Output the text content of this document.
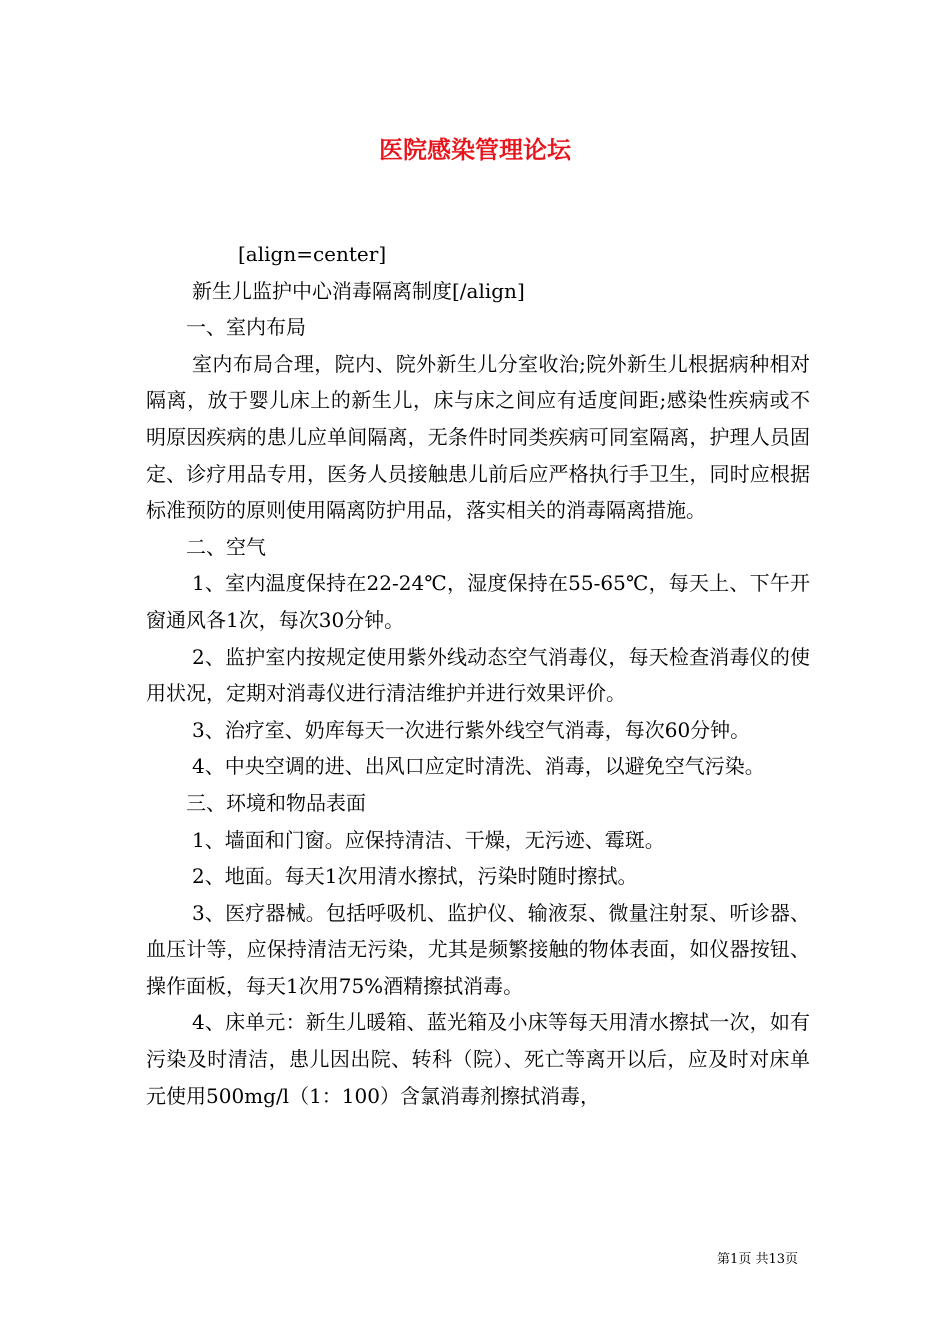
医院感染管理论坛

[align=center]

新生儿监护中心消毒隔离制度[/align]

一、室内布局

室内布局合理，院内、院外新生儿分室收治;院外新生儿根据病种相对隔离，放于婴儿床上的新生儿，床与床之间应有适度间距;感染性疾病或不明原因疾病的患儿应单间隔离，无条件时同类疾病可同室隔离，护理人员固定、诊疗用品专用，医务人员接触患儿前后应严格执行手卫生，同时应根据标准预防的原则使用隔离防护用品，落实相关的消毒隔离措施。

二、空气

1、室内温度保持在22-24℃，湿度保持在55-65℃，每天上、下午开窗通风各1次，每次30分钟。

2、监护室内按规定使用紫外线动态空气消毒仪，每天检查消毒仪的使用状况，定期对消毒仪进行清洁维护并进行效果评价。

3、治疗室、奶库每天一次进行紫外线空气消毒，每次60分钟。

4、中央空调的进、出风口应定时清洗、消毒，以避免空气污染。

三、环境和物品表面

1、墙面和门窗。应保持清洁、干燥，无污迹、霉斑。

2、地面。每天1次用清水擦拭，污染时随时擦拭。

3、医疗器械。包括呼吸机、监护仪、输液泵、微量注射泵、听诊器、血压计等，应保持清洁无污染，尤其是频繁接触的物体表面，如仪器按钮、操作面板，每天1次用75%酒精擦拭消毒。

4、床单元：新生儿暖箱、蓝光箱及小床等每天用清水擦拭一次，如有污染及时清洁，患儿因出院、转科（院）、死亡等离开以后，应及时对床单元使用500mg/l（1：100）含氯消毒剂擦拭消毒，

第1页 共13页
